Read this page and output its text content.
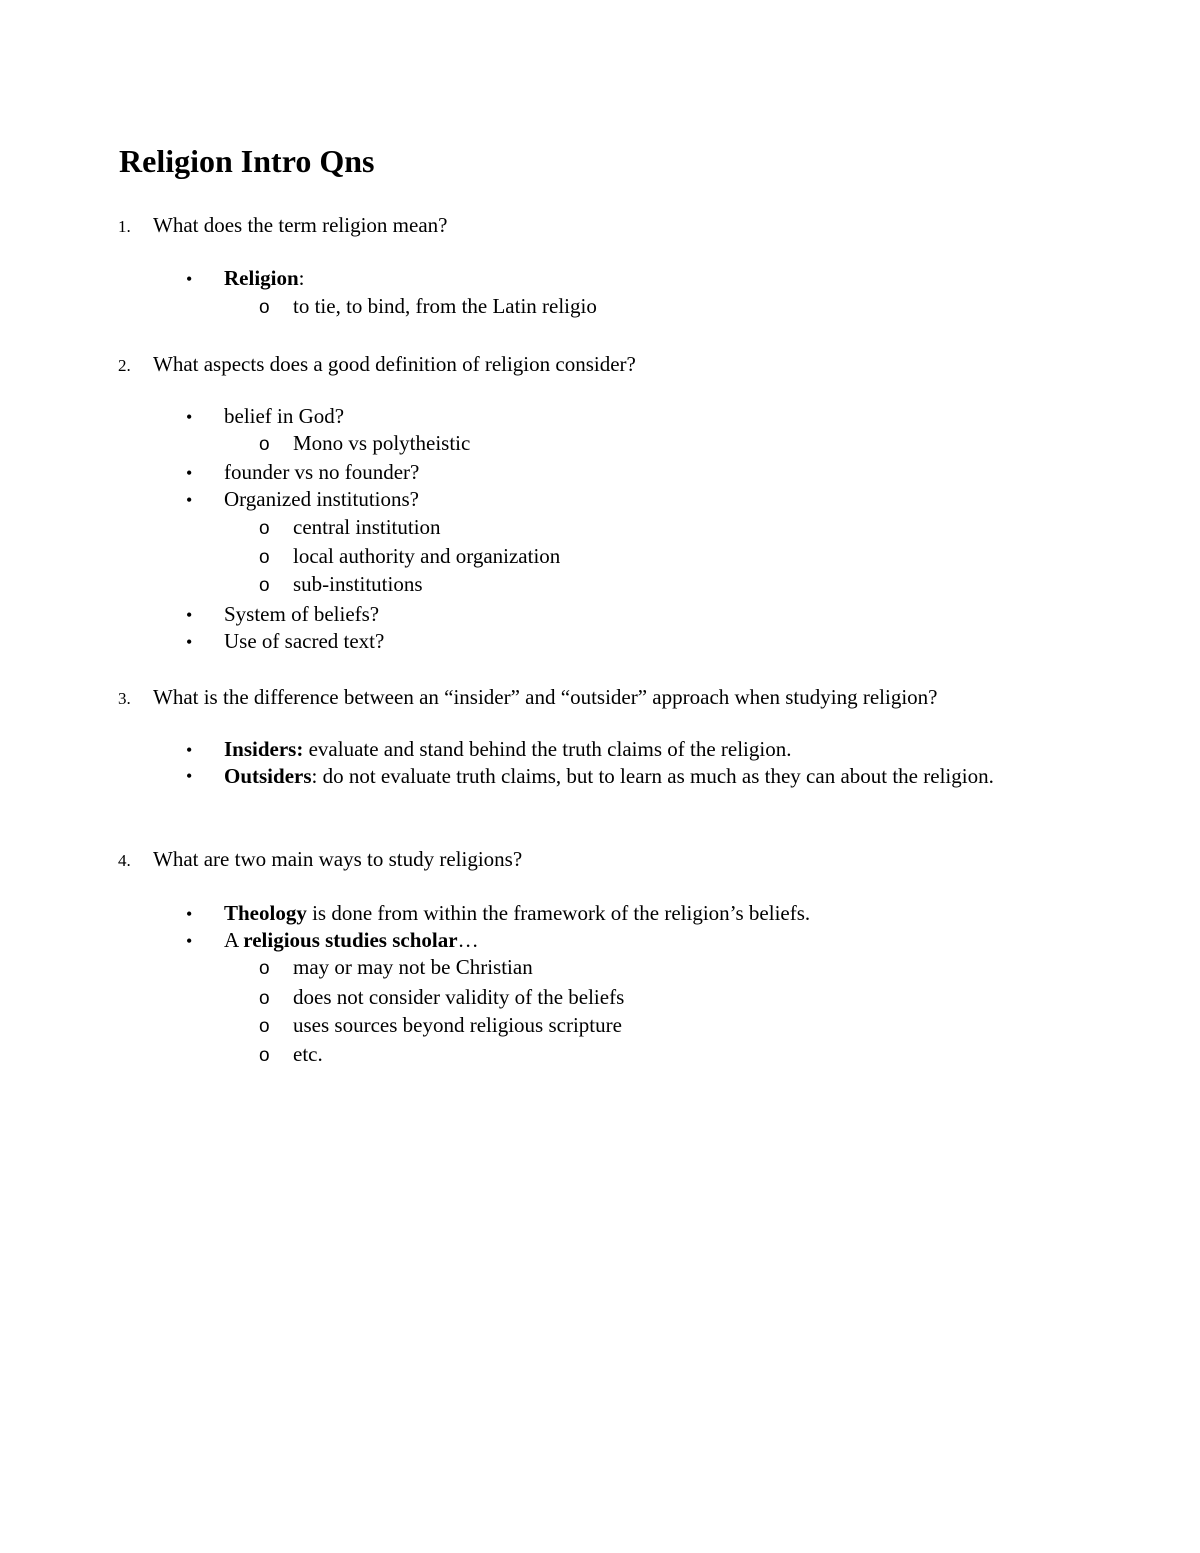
Religion Intro Qns
1. What does the term religion mean?
• Religion:
o to tie, to bind, from the Latin religio
2. What aspects does a good definition of religion consider?
• belief in God?
o Mono vs polytheistic
• founder vs no founder?
• Organized institutions?
o central institution
o local authority and organization
o sub-institutions
• System of beliefs?
• Use of sacred text?
3. What is the difference between an “insider” and “outsider” approach when studying religion?
• Insiders: evaluate and stand behind the truth claims of the religion.
•	Outsiders: do not evaluate truth claims, but to learn as much as they can about the religion.
4. What are two main ways to study religions?
• Theology is done from within the framework of the religion’s beliefs.
• A religious studies scholar…
o may or may not be Christian
o does not consider validity of the beliefs
o uses sources beyond religious scripture
o etc.
